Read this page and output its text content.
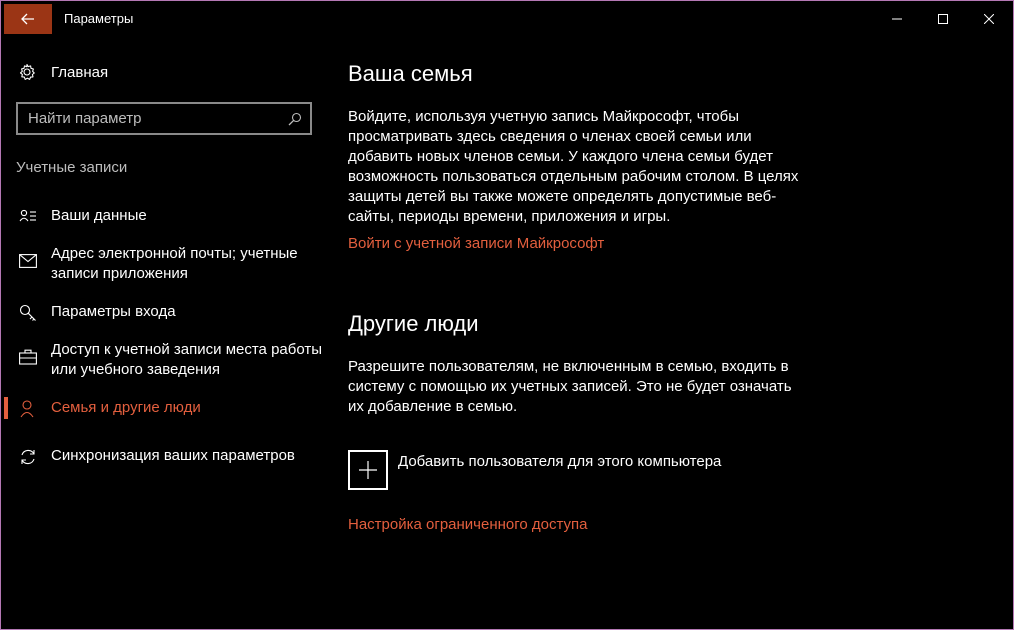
Параметры
Главная
Найти параметр
Учетные записи
Ваши данные
Адрес электронной почты; учетные записи приложения
Параметры входа
Доступ к учетной записи места работы или учебного заведения
Семья и другие люди
Синхронизация ваших параметров
Ваша семья

Войдите, используя учетную запись Майкрософт, чтобы просматривать здесь сведения о членах своей семьи или добавить новых членов семьи. У каждого члена семьи будет возможность пользоваться отдельным рабочим столом. В целях защиты детей вы также можете определять допустимые веб-сайты, периоды времени, приложения и игры.

Войти с учетной записи Майкрософт
Другие люди

Разрешите пользователям, не включенным в семью, входить в систему с помощью их учетных записей. Это не будет означать их добавление в семью.

Добавить пользователя для этого компьютера
Настройка ограниченного доступа
